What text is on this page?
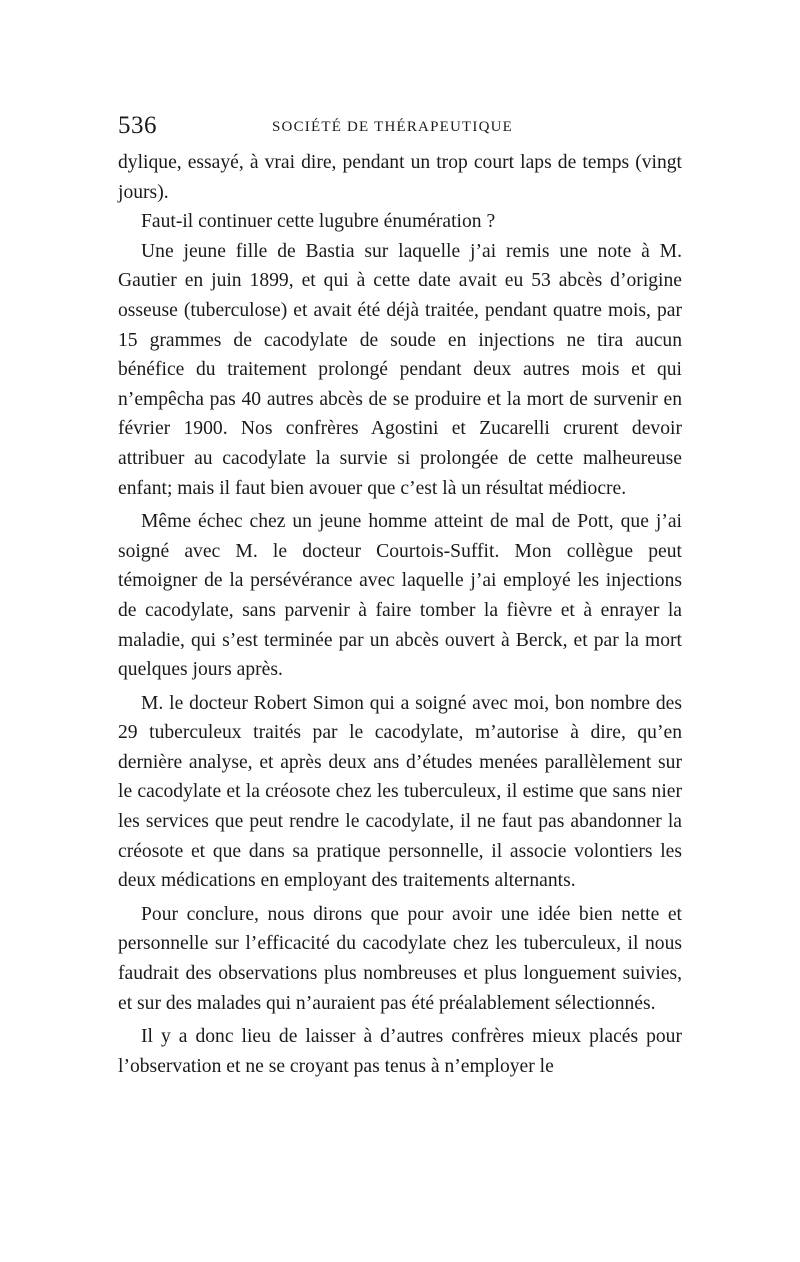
536	SOCIÉTÉ DE THÉRAPEUTIQUE

dylique, essayé, à vrai dire, pendant un trop court laps de temps (vingt jours).

Faut-il continuer cette lugubre énumération ?

Une jeune fille de Bastia sur laquelle j’ai remis une note à M. Gautier en juin 1899, et qui à cette date avait eu 53 abcès d’origine osseuse (tuberculose) et avait été déjà traitée, pendant quatre mois, par 15 grammes de cacodylate de soude en injections ne tira aucun bénéfice du traitement prolongé pendant deux autres mois et qui n’empêcha pas 40 autres abcès de se produire et la mort de survenir en février 1900. Nos confrères Agostini et Zucarelli crurent devoir attribuer au cacodylate la survie si prolongée de cette malheureuse enfant; mais il faut bien avouer que c’est là un résultat médiocre.

Même échec chez un jeune homme atteint de mal de Pott, que j’ai soigné avec M. le docteur Courtois-Suffit. Mon collègue peut témoigner de la persévérance avec laquelle j’ai employé les injections de cacodylate, sans parvenir à faire tomber la fièvre et à enrayer la maladie, qui s’est terminée par un abcès ouvert à Berck, et par la mort quelques jours après.

M. le docteur Robert Simon qui a soigné avec moi, bon nombre des 29 tuberculeux traités par le cacodylate, m’autorise à dire, qu’en dernière analyse, et après deux ans d’études menées parallèlement sur le cacodylate et la créosote chez les tuberculeux, il estime que sans nier les services que peut rendre le cacodylate, il ne faut pas abandonner la créosote et que dans sa pratique personnelle, il associe volontiers les deux médications en employant des traitements alternants.

Pour conclure, nous dirons que pour avoir une idée bien nette et personnelle sur l’efficacité du cacodylate chez les tuberculeux, il nous faudrait des observations plus nombreuses et plus longuement suivies, et sur des malades qui n’auraient pas été préalablement sélectionnés.

Il y a donc lieu de laisser à d’autres confrères mieux placés pour l’observation et ne se croyant pas tenus à n’employer le
